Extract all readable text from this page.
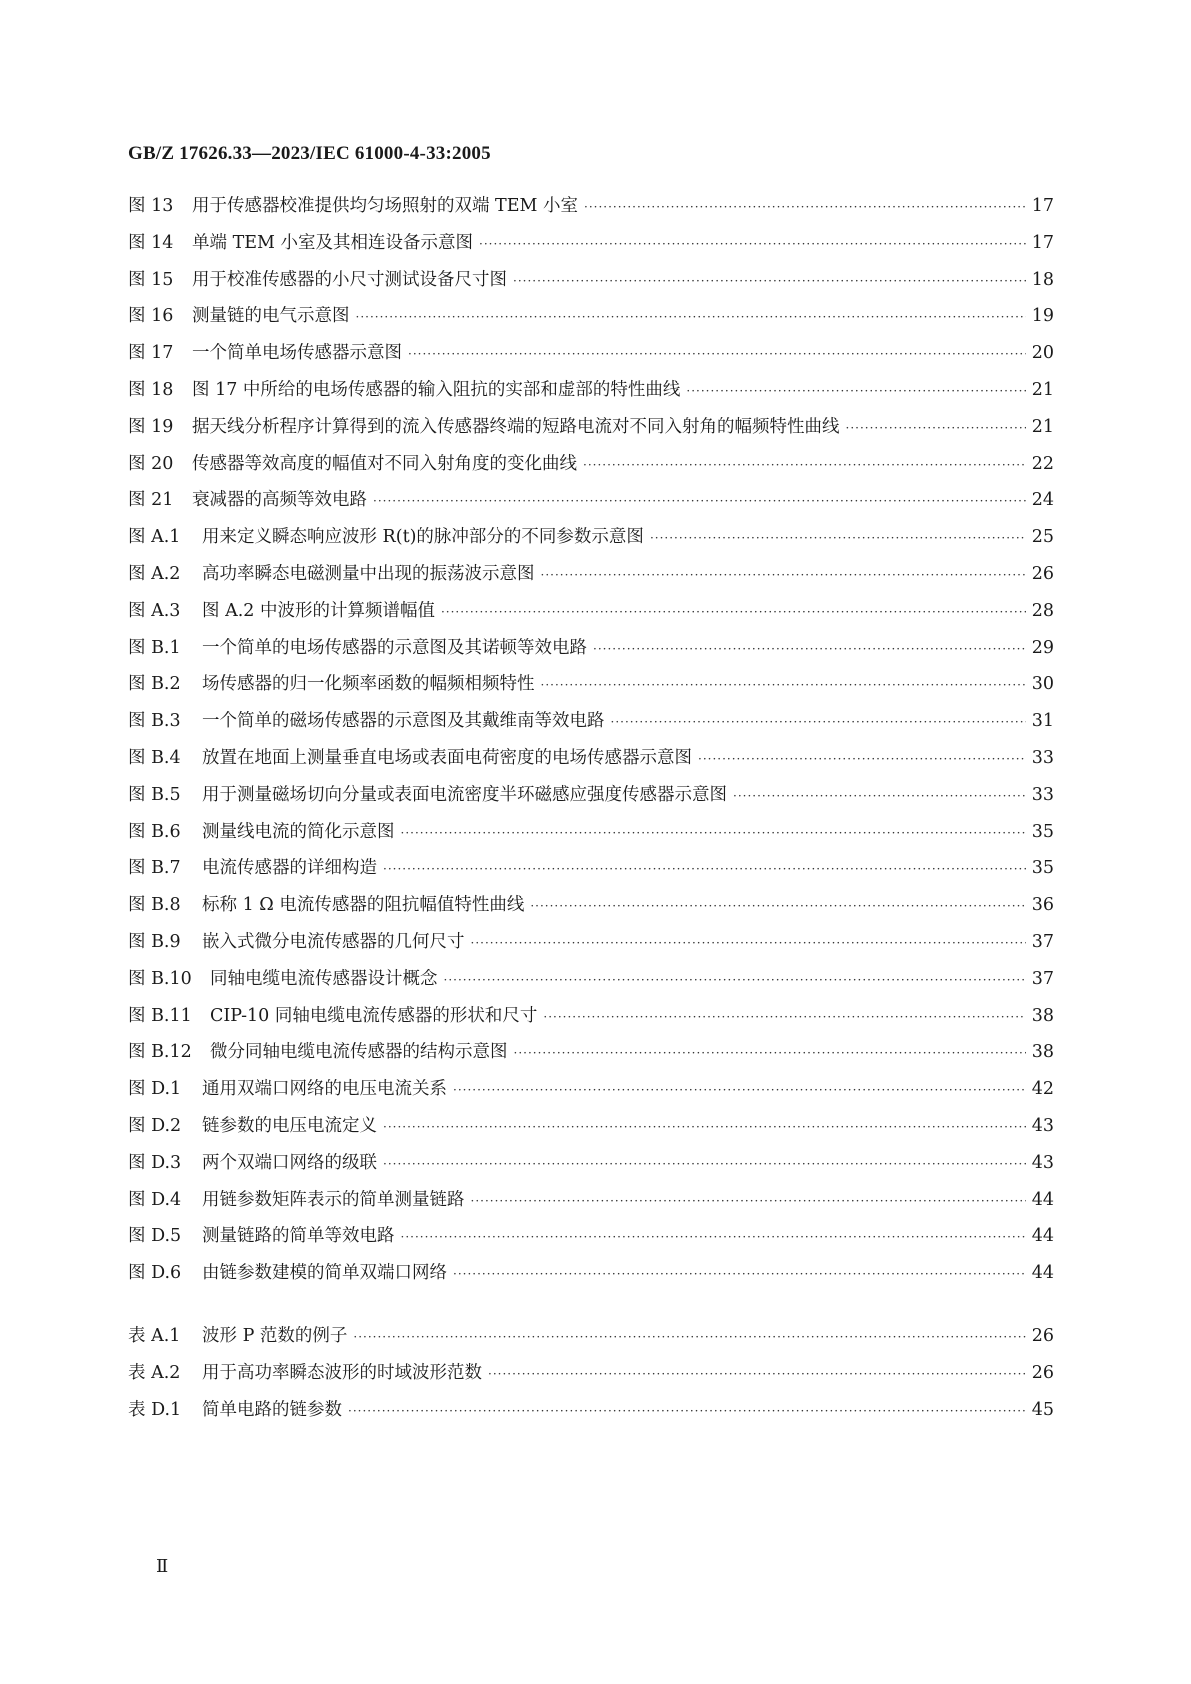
GB/Z 17626.33—2023/IEC 61000-4-33:2005
图 13	用于传感器校准提供均匀场照射的双端 TEM 小室 ·····	17
图 14	单端 TEM 小室及其相连设备示意图 ·····	17
图 15	用于校准传感器的小尺寸测试设备尺寸图 ·····	18
图 16	测量链的电气示意图 ·····	19
图 17	一个简单电场传感器示意图 ·····	20
图 18	图 17 中所给的电场传感器的输入阻抗的实部和虚部的特性曲线 ·····	21
图 19	据天线分析程序计算得到的流入传感器终端的短路电流对不同入射角的幅频特性曲线 ·····	21
图 20	传感器等效高度的幅值对不同入射角度的变化曲线 ·····	22
图 21	衰减器的高频等效电路 ·····	24
图 A.1	用来定义瞬态响应波形 R(t)的脉冲部分的不同参数示意图 ·····	25
图 A.2	高功率瞬态电磁测量中出现的振荡波示意图 ·····	26
图 A.3	图 A.2 中波形的计算频谱幅值 ·····	28
图 B.1	一个简单的电场传感器的示意图及其诺顿等效电路 ·····	29
图 B.2	场传感器的归一化频率函数的幅频相频特性 ·····	30
图 B.3	一个简单的磁场传感器的示意图及其戴维南等效电路 ·····	31
图 B.4	放置在地面上测量垂直电场或表面电荷密度的电场传感器示意图 ·····	33
图 B.5	用于测量磁场切向分量或表面电流密度半环磁感应强度传感器示意图 ·····	33
图 B.6	测量线电流的简化示意图 ·····	35
图 B.7	电流传感器的详细构造 ·····	35
图 B.8	标称 1 Ω 电流传感器的阻抗幅值特性曲线 ·····	36
图 B.9	嵌入式微分电流传感器的几何尺寸 ·····	37
图 B.10	同轴电缆电流传感器设计概念 ·····	37
图 B.11	CIP-10 同轴电缆电流传感器的形状和尺寸 ·····	38
图 B.12	微分同轴电缆电流传感器的结构示意图 ·····	38
图 D.1	通用双端口网络的电压电流关系 ·····	42
图 D.2	链参数的电压电流定义 ·····	43
图 D.3	两个双端口网络的级联 ·····	43
图 D.4	用链参数矩阵表示的简单测量链路 ·····	44
图 D.5	测量链路的简单等效电路 ·····	44
图 D.6	由链参数建模的简单双端口网络 ·····	44
表 A.1	波形 P 范数的例子 ·····	26
表 A.2	用于高功率瞬态波形的时域波形范数 ·····	26
表 D.1	简单电路的链参数 ·····	45
Ⅱ
